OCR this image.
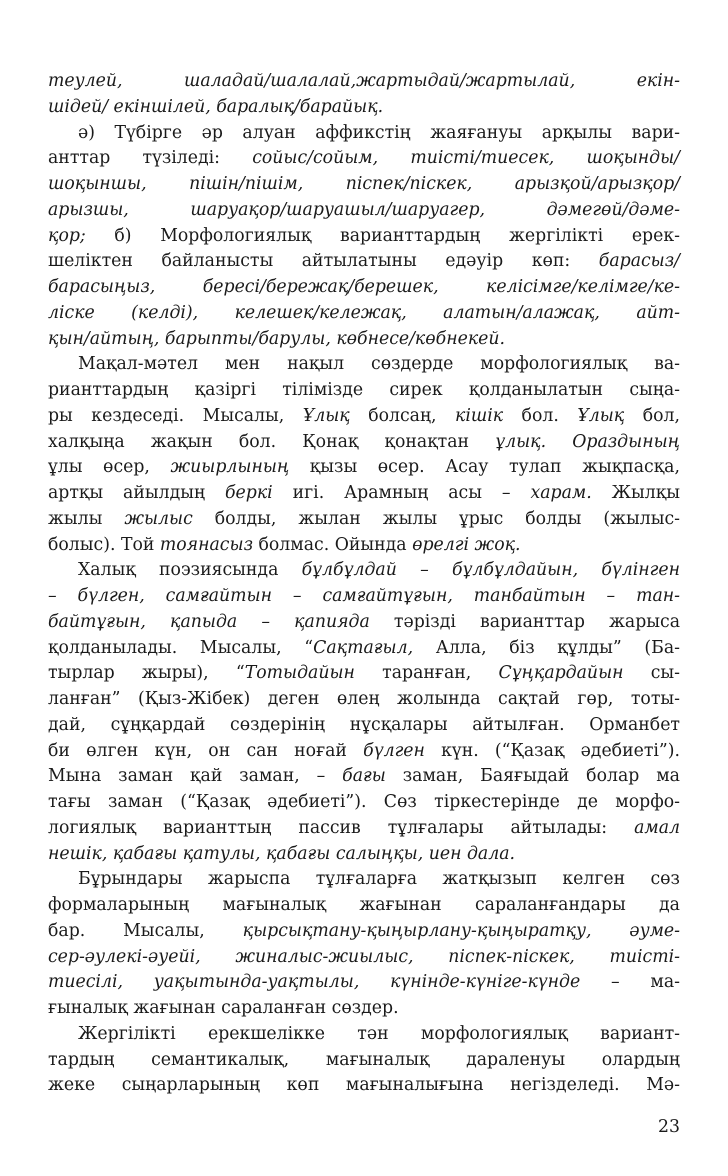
теулей, шаладай/шалалай,жартыдай/жартылай, екін-
шідей/ екіншілей, баралық/барайық.
ә) Түбірге әр алуан аффикстің жаяғануы арқылы вари-
анттар түзіледі: сойыс/сойым, тиісті/тиесек, шоқынды/
шоқыншы, пішін/пішім, піспек/піскек, арызқой/арызқор/
арызшы, шаруақор/шаруашыл/шаруагер, дәмегөй/дәме-
қор; б) Морфологиялық варианттардың жергілікті ерек-
шеліктен байланысты айтылатыны едәуір көп: барасыз/
барасыңыз, бересі/бережақ/берешек, келісімге/келімге/ке-
ліске (келді), келешек/кележақ, алатын/алажақ, айт-
қын/айтың, барыпты/барулы, көбнесе/көбнекей.
Мақал-мәтел мен нақыл сөздерде морфологиялық ва-
рианттардың қазіргі тілімізде сирек қолданылатын сыңа-
ры кездеседі. Мысалы, Ұлық болсаң, кішік бол. Ұлық бол,
халқыңа жақын бол. Қонақ қонақтан ұлық. Ораздының
ұлы өсер, жиырлының қызы өсер. Асау тулап жықпасқа,
артқы айылдың беркі игі. Арамның асы – харам. Жылқы
жылы жылыс болды, жылан жылы ұрыс болды (жылыс-
болыс). Той тоянасыз болмас. Ойында өрелгі жоқ.
Халық поэзиясында бұлбұлдай – бұлбұлдайын, бүлінген
– бүлген, самғайтын – самғайтұғын, танбайтын – тан-
байтұғын, қапыда – қапияда тәрізді варианттар жарыса
қолданылады. Мысалы, “Сақтағыл, Алла, біз құлды” (Ба-
тырлар жыры), “Тотыдайын таранған, Сұңқардайын сы-
ланған” (Қыз-Жібек) деген өлең жолында сақтай гөр, тоты-
дай, сұңқардай сөздерінің нұсқалары айтылған. Орманбет
би өлген күн, он сан ноғай бүлген күн. (“Қазақ әдебиеті”).
Мына заман қай заман, – бағы заман, Баяғыдай болар ма
тағы заман (“Қазақ әдебиеті”). Сөз тіркестерінде де морфо-
логиялық варианттың пассив тұлғалары айтылады: амал
нешік, қабағы қатулы, қабағы салыңқы, иен дала.
Бұрындары жарыспа тұлғаларға жатқызып келген сөз
формаларының мағыналық жағынан сараланғандары да
бар. Мысалы, қырсықтану-қыңырлану-қыңыратқу, әуме-
сер-әулекі-әуейі, жиналыс-жиылыс, піспек-піскек, тиісті-
тиесілі, уақытында-уақтылы, күнінде-күніге-күнде – ма-
ғыналық жағынан сараланған сөздер.
Жергілікті ерекшелікке тән морфологиялық вариант-
тардың семантикалық, мағыналық дараленуы олардың
жеке сыңарларының көп мағыналығына негізделеді. Мә-
23
